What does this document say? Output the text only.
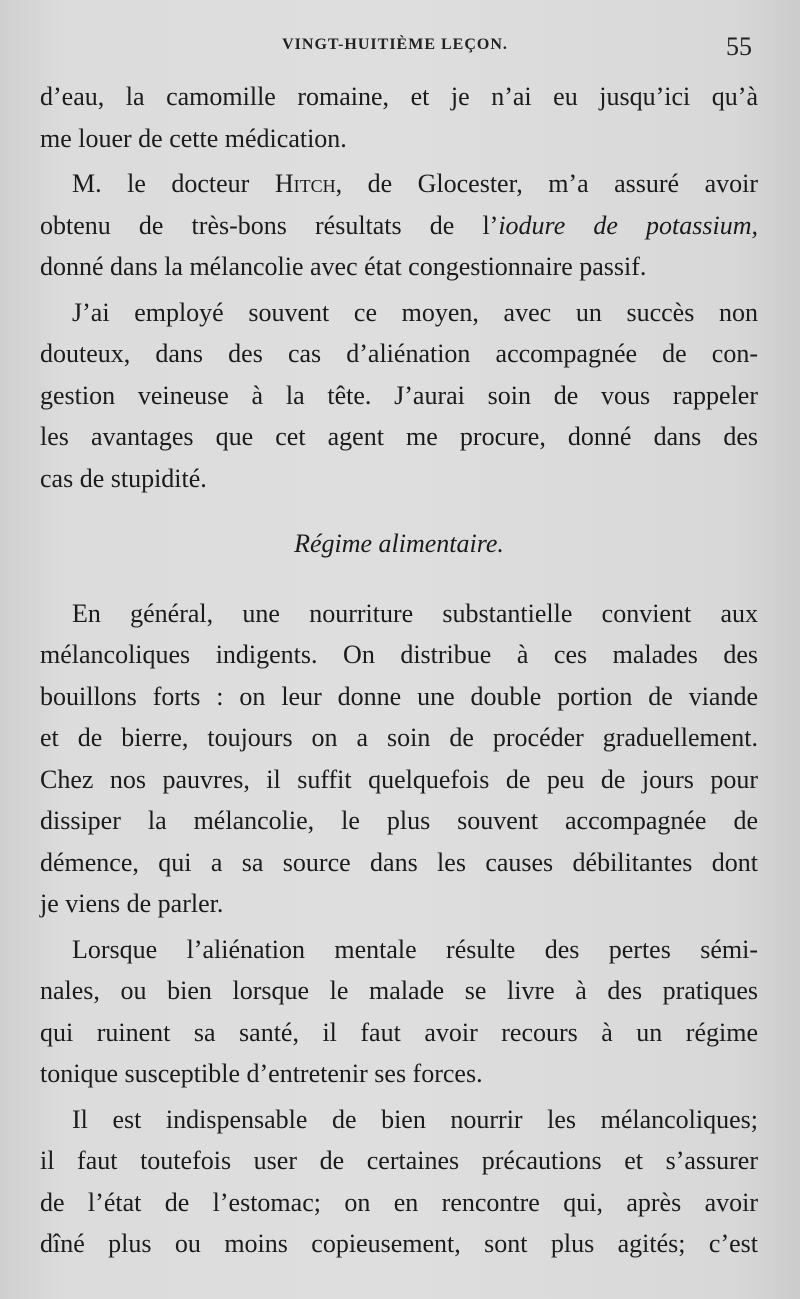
VINGT-HUITIÈME LEÇON.	55
d’eau, la camomille romaine, et je n’ai eu jusqu’ici qu’à
me louer de cette médication.
M. le docteur Hitch, de Glocester, m’a assuré avoir
obtenu de très-bons résultats de l’iodure de potassium,
donné dans la mélancolie avec état congestionnaire passif.
J’ai employé souvent ce moyen, avec un succès non
douteux, dans des cas d’aliénation accompagnée de con-
gestion veineuse à la tête. J’aurai soin de vous rappeler
les avantages que cet agent me procure, donné dans des
cas de stupidité.
Régime alimentaire.
En général, une nourriture substantielle convient aux
mélancoliques indigents. On distribue à ces malades des
bouillons forts : on leur donne une double portion de viande
et de bierre, toujours on a soin de procéder graduellement.
Chez nos pauvres, il suffit quelquefois de peu de jours pour
dissiper la mélancolie, le plus souvent accompagnée de
démence, qui a sa source dans les causes débilitantes dont
je viens de parler.
Lorsque l’aliénation mentale résulte des pertes sémi-
nales, ou bien lorsque le malade se livre à des pratiques
qui ruinent sa santé, il faut avoir recours à un régime
tonique susceptible d’entretenir ses forces.
Il est indispensable de bien nourrir les mélancoliques;
il faut toutefois user de certaines précautions et s’assurer
de l’état de l’estomac; on en rencontre qui, après avoir
dîné plus ou moins copieusement, sont plus agités; c’est
